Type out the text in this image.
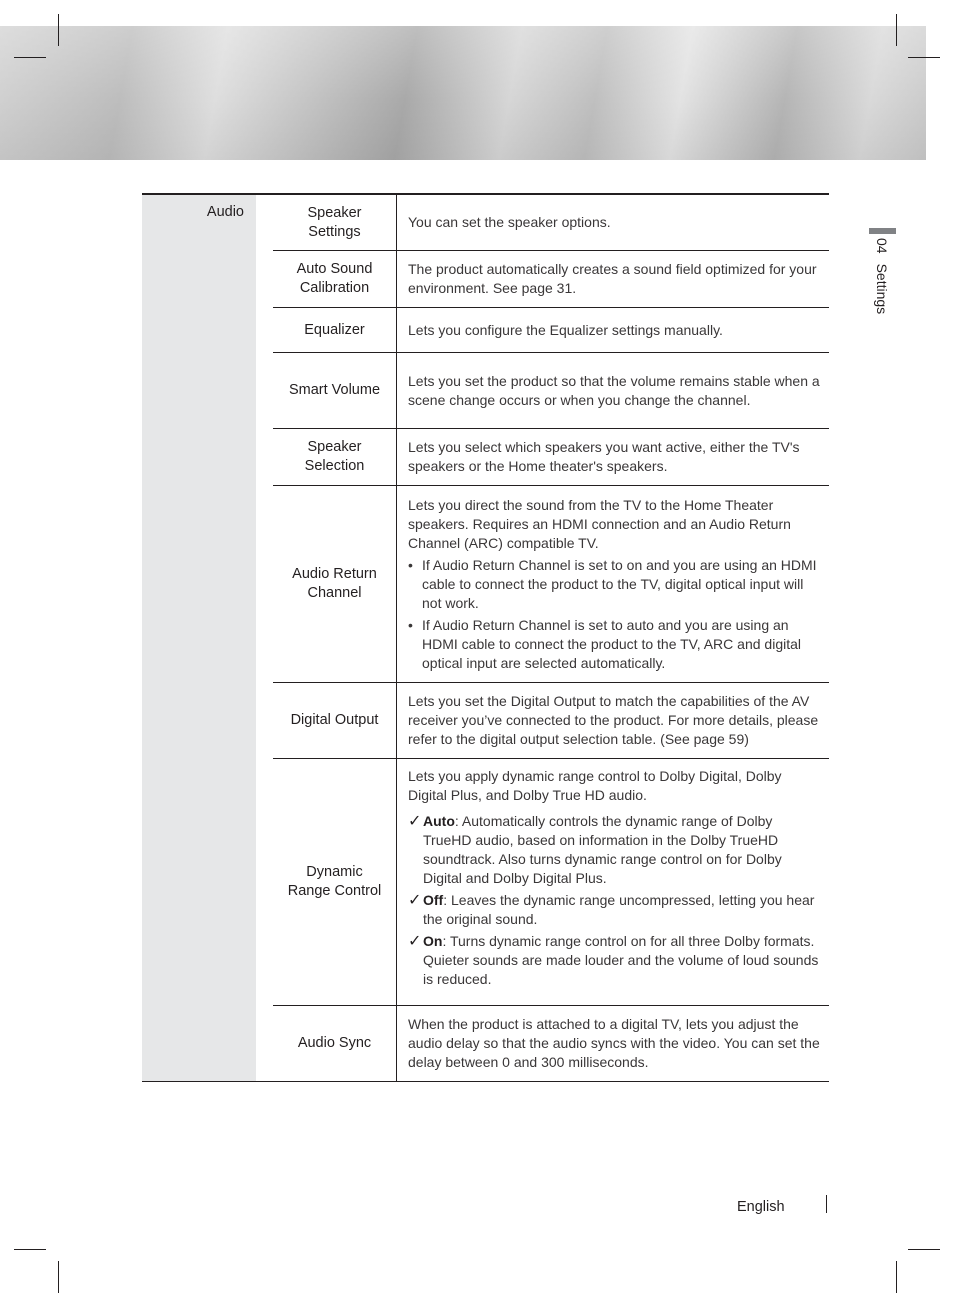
Audio	Speaker
Settings

You can set the speaker options.

Auto Sound
Calibration

The product automatically creates a sound field optimized for your environment. See page 31.

Equalizer	Lets you configure the Equalizer settings manually.

Smart Volume

Lets you set the product so that the volume remains stable when a scene change occurs or when you change the channel.

Speaker
Selection

Lets you select which speakers you want active, either the TV's speakers or the Home theater's speakers.

Audio Return
Channel

Lets you direct the sound from the TV to the Home Theater speakers. Requires an HDMI connection and an Audio Return Channel (ARC) compatible TV.

• If Audio Return Channel is set to on and you are using an HDMI cable to connect the product to the TV, digital optical input will not work.
• If Audio Return Channel is set to auto and you are using an HDMI cable to connect the product to the TV, ARC and digital optical input are selected automatically.
Digital Output

Lets you set the Digital Output to match the capabilities of the AV receiver you’ve connected to the product. For more details, please refer to the digital output selection table. (See page 59)

Dynamic
Range Control

Lets you apply dynamic range control to Dolby Digital, Dolby Digital Plus, and Dolby True HD audio.

✓ Auto: Automatically controls the dynamic range of Dolby TrueHD audio, based on information in the Dolby TrueHD soundtrack. Also turns dynamic range control on for Dolby Digital and Dolby Digital Plus.
✓ Off: Leaves the dynamic range uncompressed, letting you hear the original sound.
✓ On: Turns dynamic range control on for all three Dolby formats. Quieter sounds are made louder and the volume of loud sounds is reduced.
Audio Sync

When the product is attached to a digital TV, lets you adjust the audio delay so that the audio syncs with the video. You can set the delay between 0 and 300 milliseconds.

04Settings
English
